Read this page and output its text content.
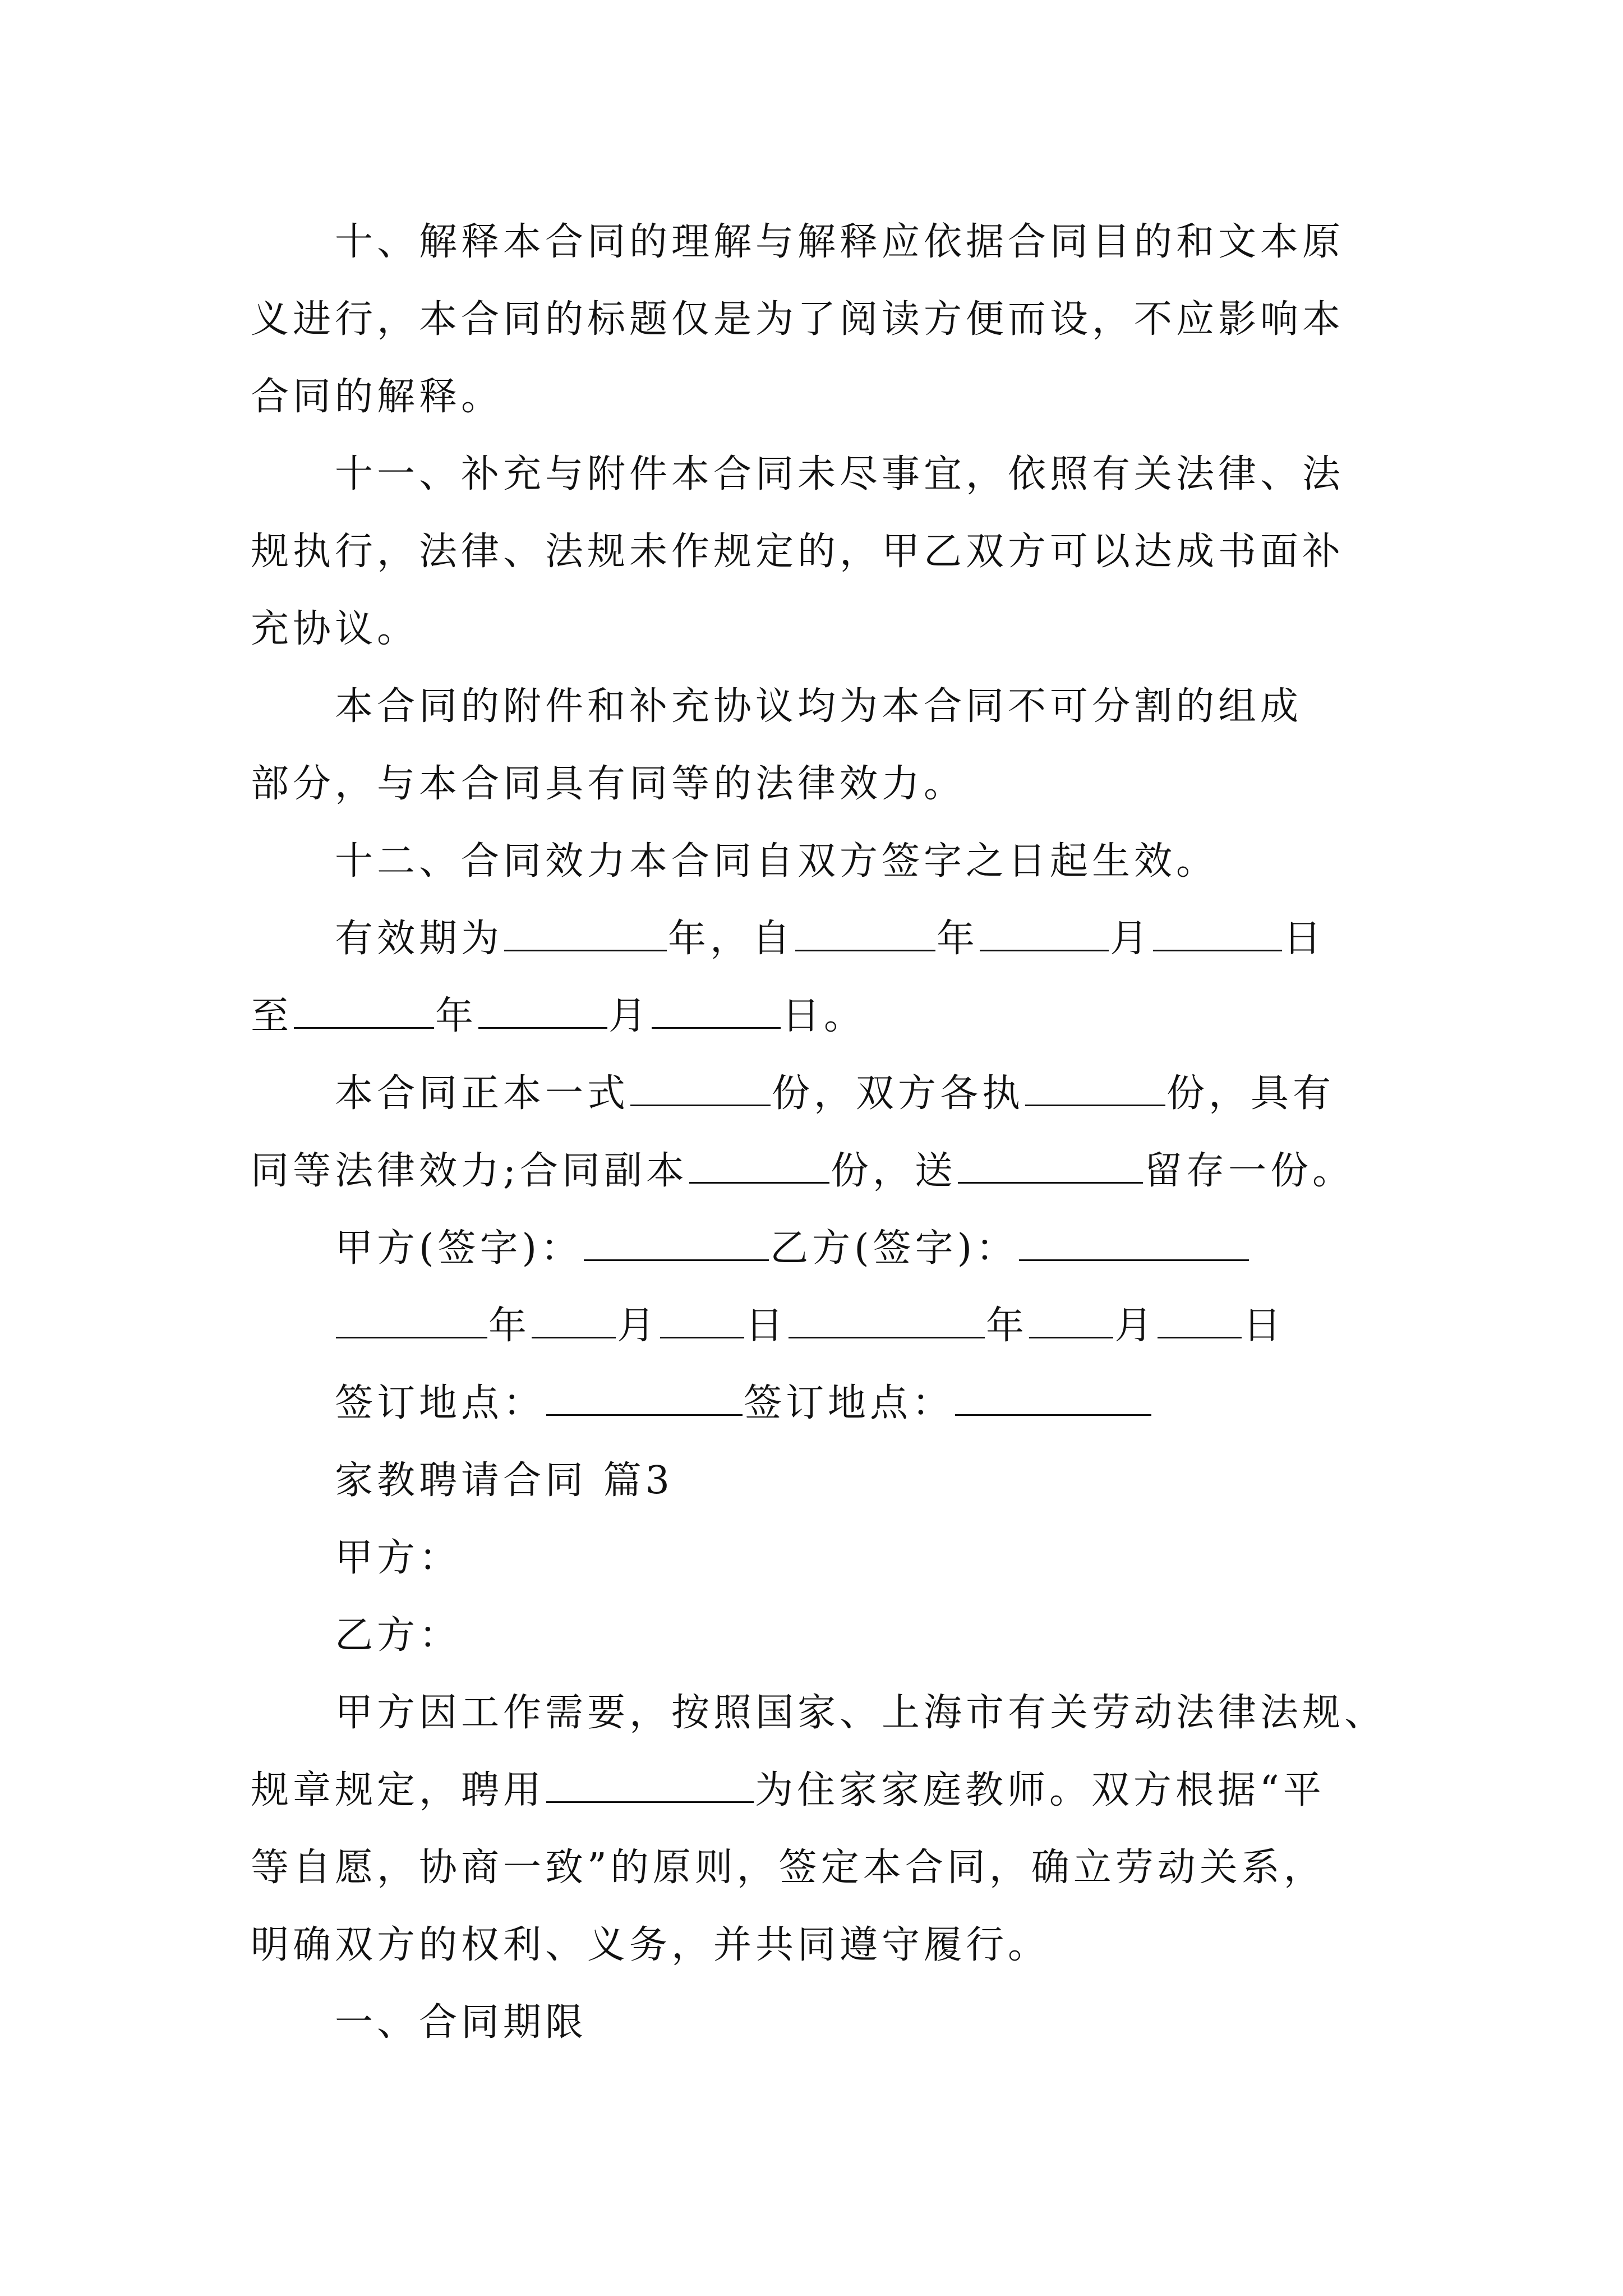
十、解释本合同的理解与解释应依据合同目的和文本原
义进行，本合同的标题仅是为了阅读方便而设，不应影响本
合同的解释。
十一、补充与附件本合同未尽事宜，依照有关法律、法
规执行，法律、法规未作规定的，甲乙双方可以达成书面补
充协议。
本合同的附件和补充协议均为本合同不可分割的组成
部分，与本合同具有同等的法律效力。
十二、合同效力本合同自双方签字之日起生效。
有效期为	年，自	年	月	日
至	年	月	日。
本合同正本一式	份，双方各执	份，具有
同等法律效力;合同副本	份，送	留存一份。
甲方(签字)：	乙方(签字)：
年 月 日	年 月 日
签订地点：	签订地点：
家教聘请合同 篇3
甲方：
乙方：
甲方因工作需要，按照国家、上海市有关劳动法律法规、
规章规定，聘用	为住家家庭教师。双方根据“平
等自愿，协商一致”的原则，签定本合同，确立劳动关系，
明确双方的权利、义务，并共同遵守履行。
一、合同期限
